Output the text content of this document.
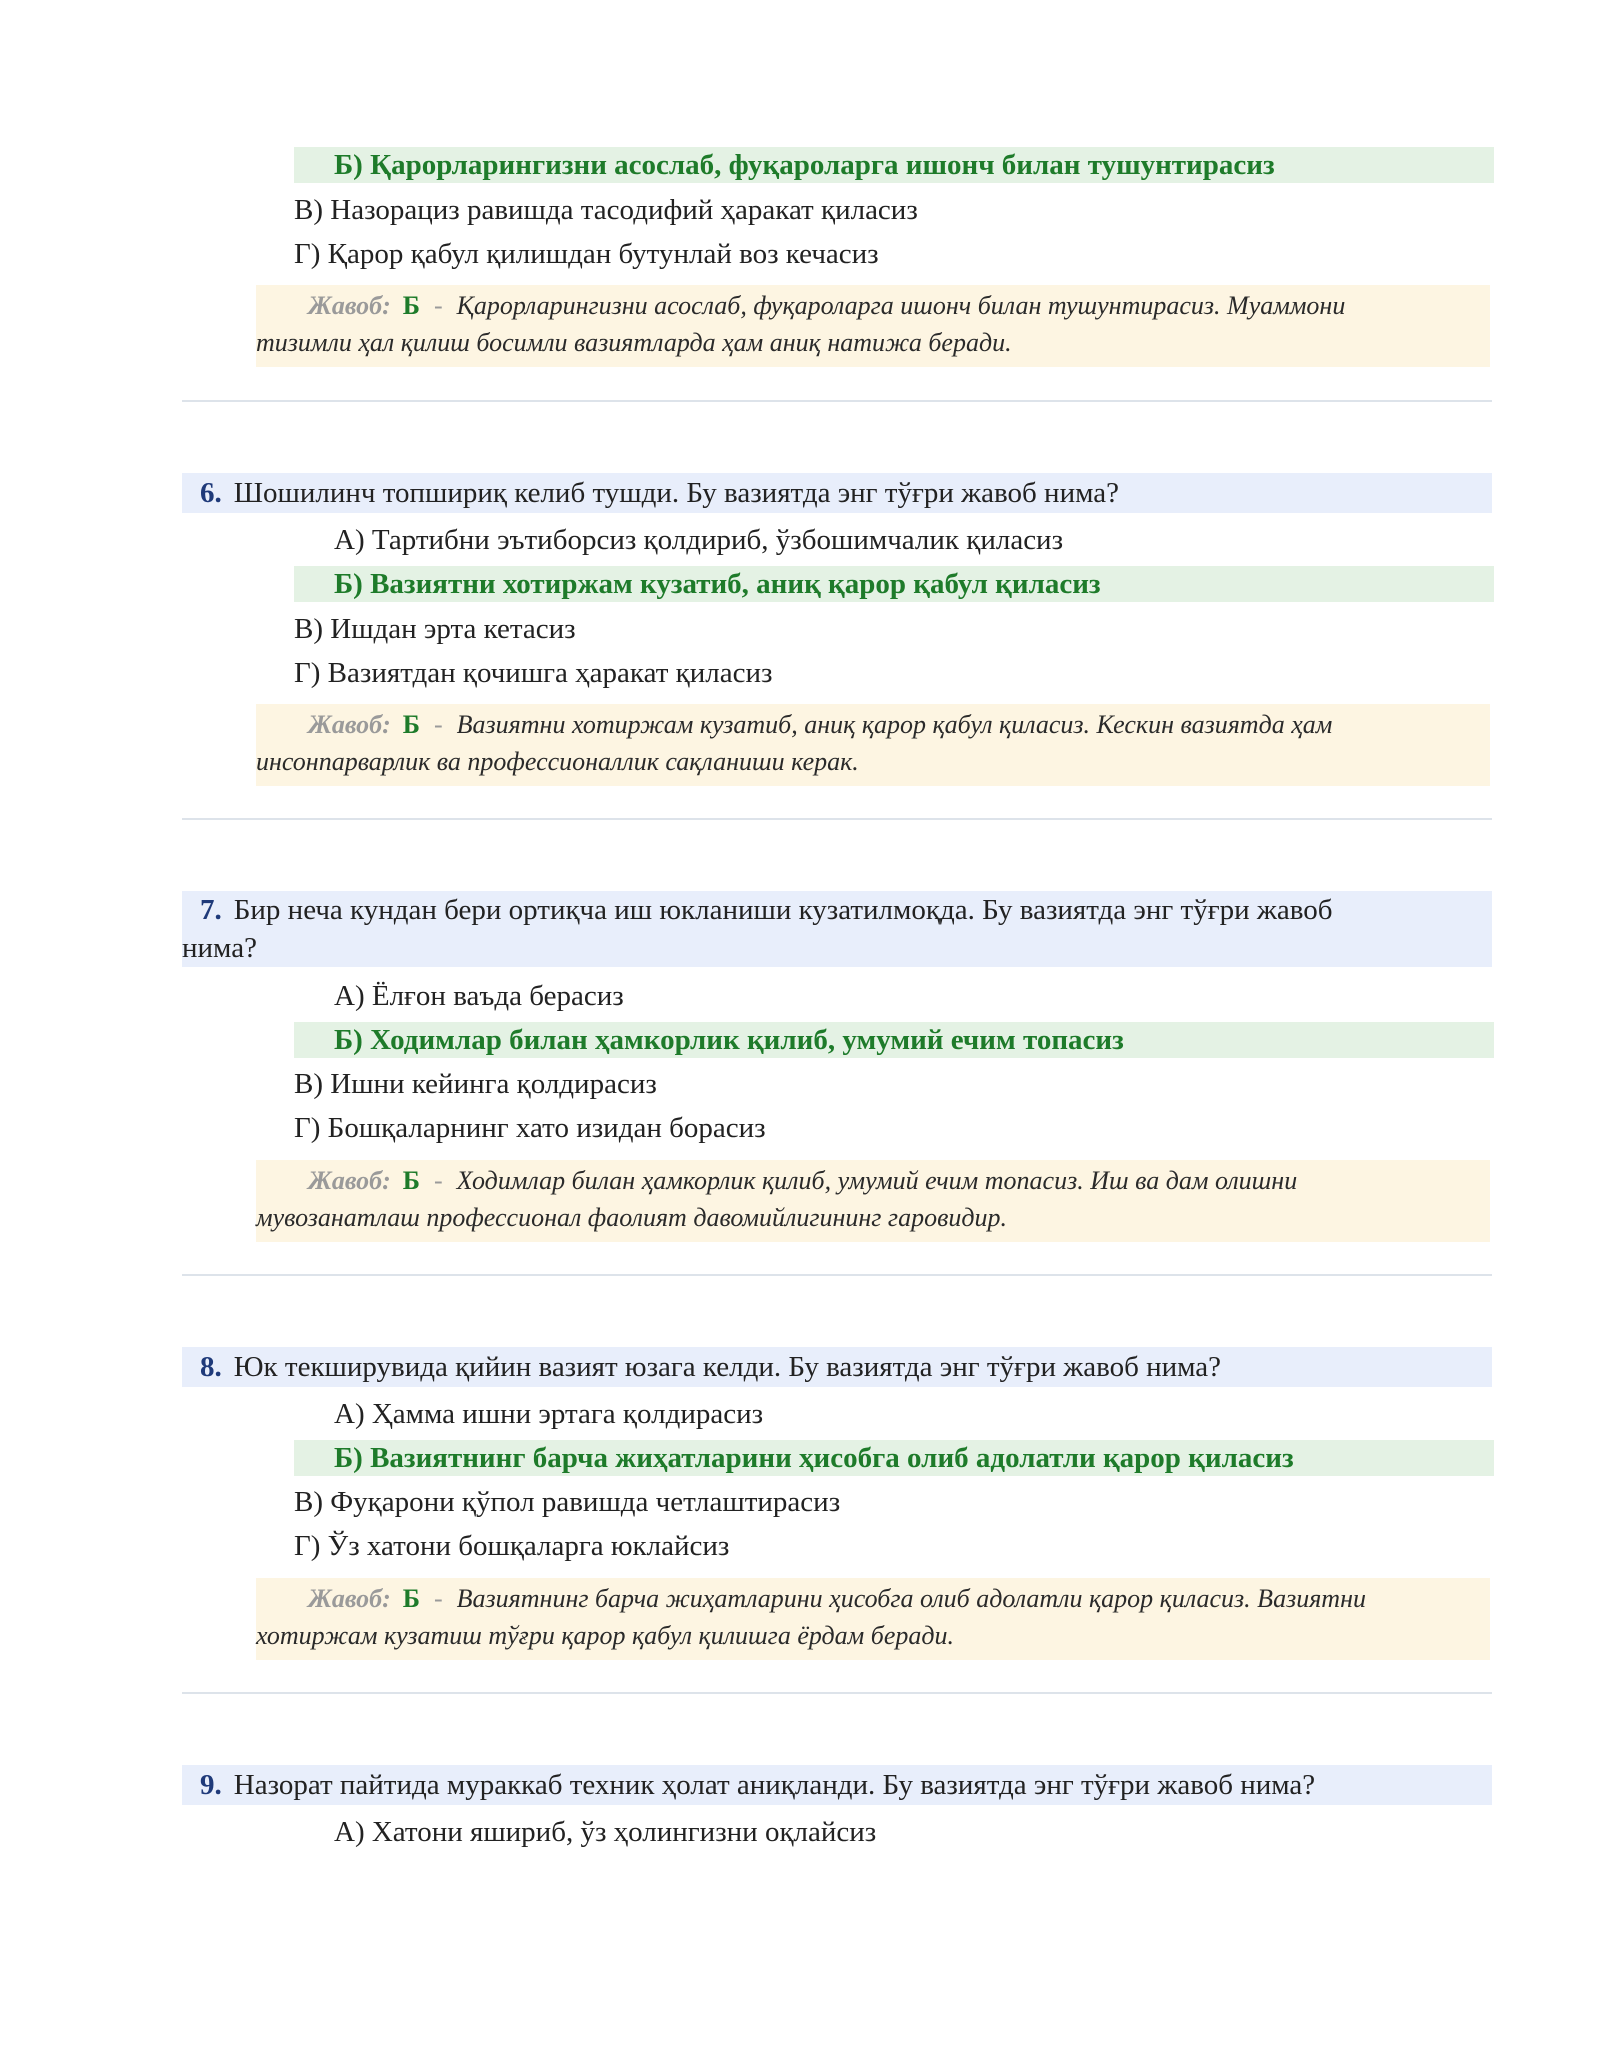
Б) Қарорларингизни асослаб, фуқароларга ишонч билан тушунтирасиз
В) Назорациз равишда тасодифий ҳаракат қиласиз
Г) Қарор қабул қилишдан бутунлай воз кечасиз
Жавоб: Б - Қарорларингизни асослаб, фуқароларга ишонч билан тушунтирасиз. Муаммони
тизимли ҳал қилиш босимли вазиятларда ҳам аниқ натижа беради.
6. Шошилинч топшириқ келиб тушди. Бу вазиятда энг тўғри жавоб нима?
А) Тартибни эътиборсиз қолдириб, ўзбошимчалик қиласиз
Б) Вазиятни хотиржам кузатиб, аниқ қарор қабул қиласиз
В) Ишдан эрта кетасиз
Г) Вазиятдан қочишга ҳаракат қиласиз
Жавоб: Б - Вазиятни хотиржам кузатиб, аниқ қарор қабул қиласиз. Кескин вазиятда ҳам
инсонпарварлик ва профессионаллик сақланиши керак.
7. Бир неча кундан бери ортиқча иш юкланиши кузатилмоқда. Бу вазиятда энг тўғри жавоб
нима?
А) Ёлғон ваъда берасиз
Б) Ходимлар билан ҳамкорлик қилиб, умумий ечим топасиз
В) Ишни кейинга қолдирасиз
Г) Бошқаларнинг хато изидан борасиз
Жавоб: Б - Ходимлар билан ҳамкорлик қилиб, умумий ечим топасиз. Иш ва дам олишни
мувозанатлаш профессионал фаолият давомийлигининг гаровидир.
8. Юк текширувида қийин вазият юзага келди. Бу вазиятда энг тўғри жавоб нима?
А) Ҳамма ишни эртага қолдирасиз
Б) Вазиятнинг барча жиҳатларини ҳисобга олиб адолатли қарор қиласиз
В) Фуқарони қўпол равишда четлаштирасиз
Г) Ўз хатони бошқаларга юклайсиз
Жавоб: Б - Вазиятнинг барча жиҳатларини ҳисобга олиб адолатли қарор қиласиз. Вазиятни
хотиржам кузатиш тўғри қарор қабул қилишга ёрдам беради.
9. Назорат пайтида мураккаб техник ҳолат аниқланди. Бу вазиятда энг тўғри жавоб нима?
А) Хатони яшириб, ўз ҳолингизни оқлайсиз
